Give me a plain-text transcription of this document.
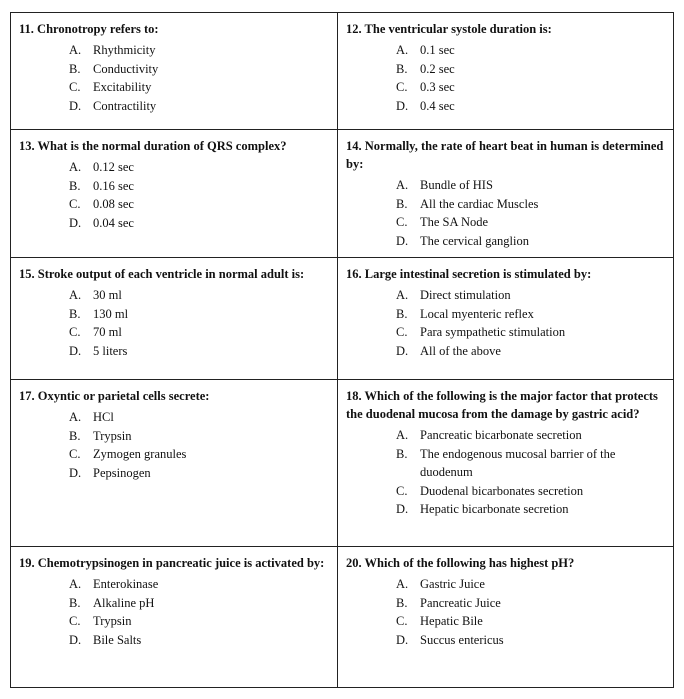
11. Chronotropy refers to:

A. Rhythmicity
B.	Conductivity
C.	Excitability
D. Contractility

12. The ventricular systole duration is:

A. 0.1 sec
B.	0.2 sec
C.	0.3 sec
D. 0.4 sec

13. What is the normal duration of QRS complex?

A. 0.12 sec
B.	0.16 sec
C.	0.08 sec
D. 0.04 sec

14. Normally, the rate of heart beat in human is determined by:

A. Bundle of HIS
B.	All the cardiac Muscles
C.	The SA Node
D. The cervical ganglion

15. Stroke output of each ventricle in normal adult is:

A. 30 ml
B.	130 ml
C.	70 ml
D. 5 liters

16. Large intestinal secretion is stimulated by:

A. Direct stimulation
B.	Local myenteric reflex
C.	Para sympathetic stimulation
D. All of the above

17. Oxyntic or parietal cells secrete:

A. HCl
B.	Trypsin
C.	Zymogen granules
D. Pepsinogen

18. Which of the following is the major factor that protects the duodenal mucosa from the damage by gastric acid?

A. Pancreatic bicarbonate secretion
B.	The endogenous mucosal barrier of the duodenum
C.	Duodenal bicarbonates secretion
D. Hepatic bicarbonate secretion

19. Chemotrypsinogen in pancreatic juice is activated by:

A. Enterokinase
B.	Alkaline pH
C.	Trypsin
D. Bile Salts

20. Which of the following has highest pH?

A. Gastric Juice
B.	Pancreatic Juice
C.	Hepatic Bile
D. Succus entericus
